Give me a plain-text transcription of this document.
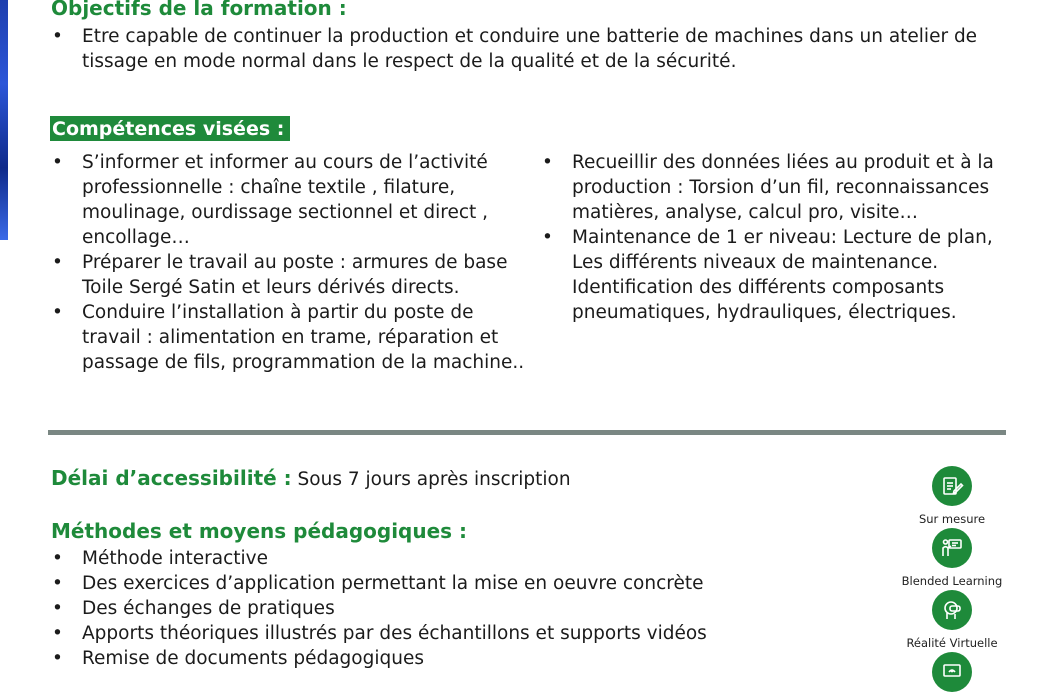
Objectifs de la formation :
• Etre capable de continuer la production et conduire une batterie de machines dans un atelier de tissage en mode normal dans le respect de la qualité et de la sécurité.
Compétences visées :
• S’informer et informer au cours de l’activité professionnelle : chaîne textile , filature, moulinage, ourdissage sectionnel et direct , encollage…
• Préparer le travail au poste : armures de base Toile Sergé Satin et leurs dérivés directs.
• Conduire l’installation à partir du poste de travail : alimentation en trame, réparation et passage de fils, programmation de la machine..
• Recueillir des données liées au produit et à la production : Torsion d’un fil, reconnaissances matières, analyse, calcul pro, visite…
• Maintenance de 1 er niveau: Lecture de plan, Les différents niveaux de maintenance. Identification des différents composants pneumatiques, hydrauliques, électriques.

Délai d’accessibilité : Sous 7 jours après inscription

Méthodes et moyens pédagogiques :
• Méthode interactive
• Des exercices d’application permettant la mise en oeuvre concrète
• Des échanges de pratiques
• Apports théoriques illustrés par des échantillons et supports vidéos
• Remise de documents pédagogiques
Sur mesure
Blended Learning
Réalité Virtuelle
